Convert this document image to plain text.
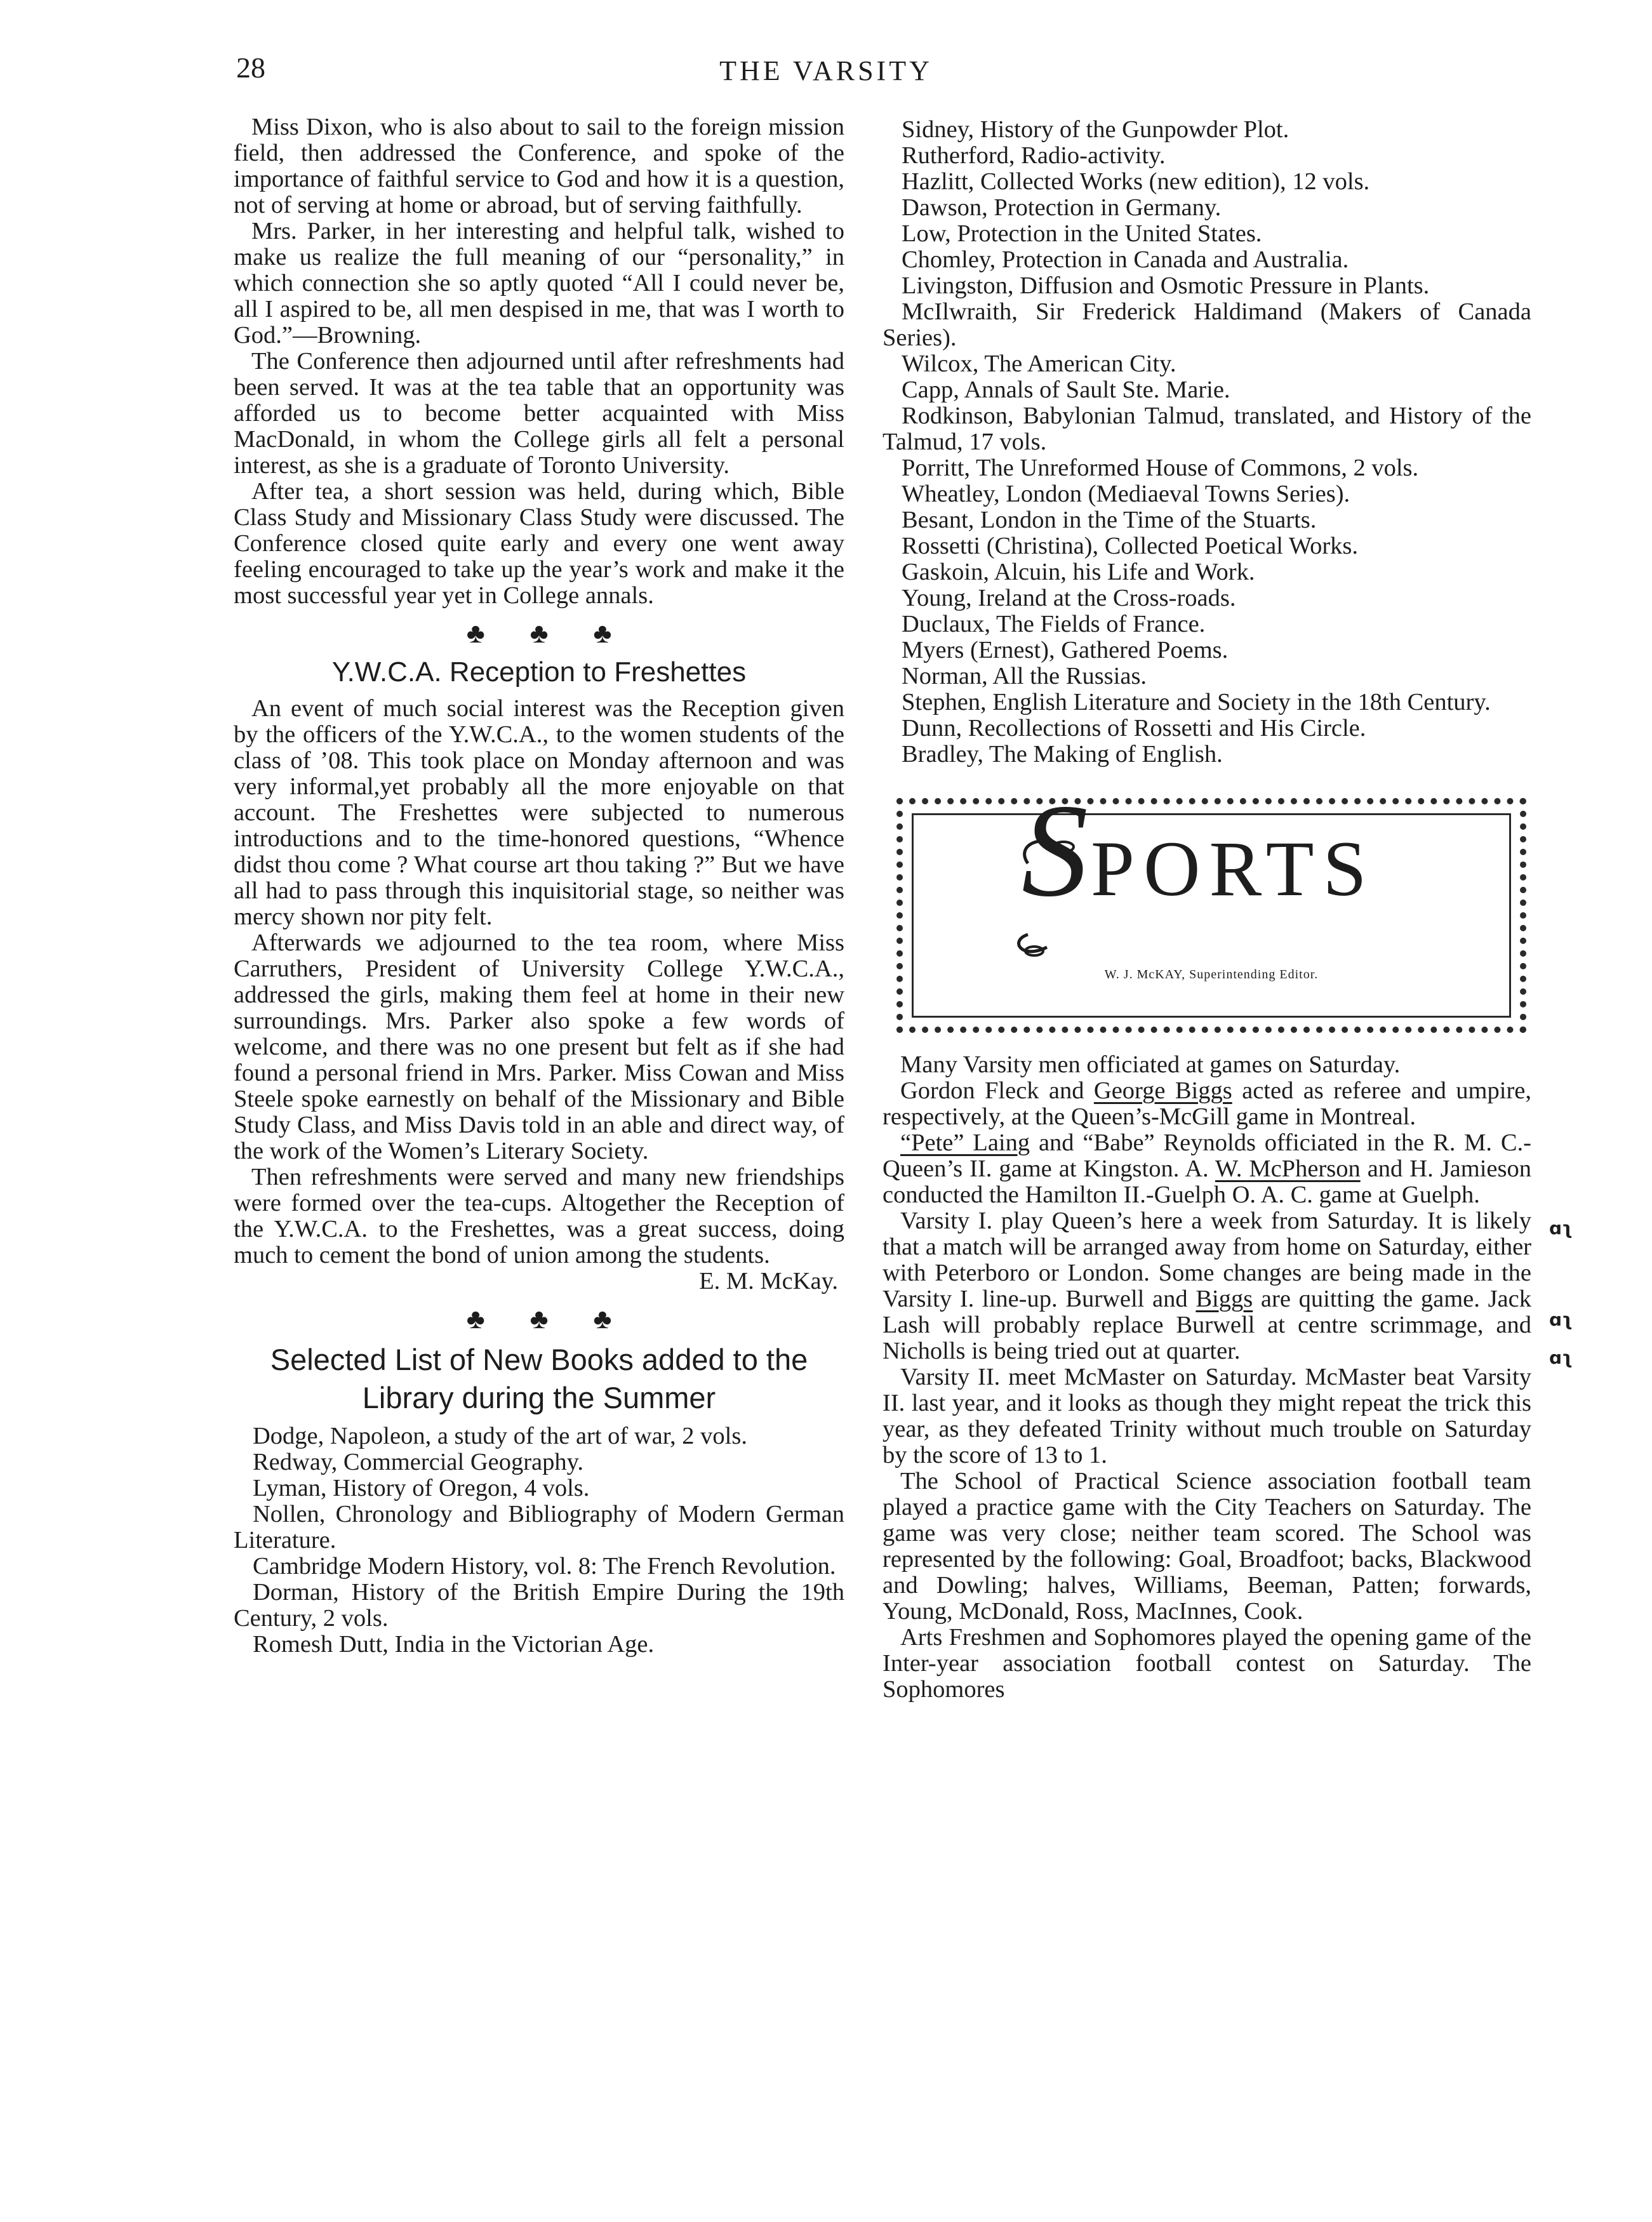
28	THE VARSITY

Miss Dixon, who is also about to sail to the foreign mission field, then addressed the Conference, and spoke of the importance of faithful service to God and how it is a question, not of serving at home or abroad, but of serving faithfully.

Mrs. Parker, in her interesting and helpful talk, wished to make us realize the full meaning of our “personality,” in which connection she so aptly quoted “All I could never be, all I aspired to be, all men despised in me, that was I worth to God.”—Browning.

The Conference then adjourned until after refreshments had been served. It was at the tea table that an opportunity was afforded us to become better acquainted with Miss MacDonald, in whom the College girls all felt a personal interest, as she is a graduate of Toronto University.

After tea, a short session was held, during which, Bible Class Study and Missionary Class Study were discussed. The Conference closed quite early and every one went away feeling encouraged to take up the year’s work and make it the most successful year yet in College annals.

♣ ♣ ♣
Y.W.C.A. Reception to Freshettes

An event of much social interest was the Reception given by the officers of the Y.W.C.A., to the women students of the class of ’08. This took place on Monday afternoon and was very informal,yet probably all the more enjoyable on that account. The Freshettes were subjected to numerous introductions and to the time-honored questions, “Whence didst thou come ? What course art thou taking ?” But we have all had to pass through this inquisitorial stage, so neither was mercy shown nor pity felt.

Afterwards we adjourned to the tea room, where Miss Carruthers, President of University College Y.W.C.A., addressed the girls, making them feel at home in their new surroundings. Mrs. Parker also spoke a few words of welcome, and there was no one present but felt as if she had found a personal friend in Mrs. Parker. Miss Cowan and Miss Steele spoke earnestly on behalf of the Missionary and Bible Study Class, and Miss Davis told in an able and direct way, of the work of the Women’s Literary Society.

Then refreshments were served and many new friendships were formed over the tea-cups. Altogether the Reception of the Y.W.C.A. to the Freshettes, was a great success, doing much to cement the bond of union among the students.

E. M. McKay.
♣ ♣ ♣
Selected List of New Books added to the
Library during the Summer

Dodge, Napoleon, a study of the art of war, 2 vols.

Redway, Commercial Geography.

Lyman, History of Oregon, 4 vols.

Nollen, Chronology and Bibliography of Modern German Literature.

Cambridge Modern History, vol. 8: The French Revolution.

Dorman, History of the British Empire During the 19th Century, 2 vols.

Romesh Dutt, India in the Victorian Age.

Sidney, History of the Gunpowder Plot.

Rutherford, Radio-activity.

Hazlitt, Collected Works (new edition), 12 vols.

Dawson, Protection in Germany.

Low, Protection in the United States.

Chomley, Protection in Canada and Australia.

Livingston, Diffusion and Osmotic Pressure in Plants.

McIlwraith, Sir Frederick Haldimand (Makers of Canada Series).

Wilcox, The American City.

Capp, Annals of Sault Ste. Marie.

Rodkinson, Babylonian Talmud, translated, and History of the Talmud, 17 vols.

Porritt, The Unreformed House of Commons, 2 vols.

Wheatley, London (Mediaeval Towns Series).

Besant, London in the Time of the Stuarts.

Rossetti (Christina), Collected Poetical Works.

Gaskoin, Alcuin, his Life and Work.

Young, Ireland at the Cross-roads.

Duclaux, The Fields of France.

Myers (Ernest), Gathered Poems.

Norman, All the Russias.

Stephen, English Literature and Society in the 18th Century.

Dunn, Recollections of Rossetti and His Circle.

Bradley, The Making of English.

SPORTS
W. J. McKAY, Superintending Editor.

Many Varsity men officiated at games on Saturday.

Gordon Fleck and George Biggs acted as referee and umpire, respectively, at the Queen’s-McGill game in Montreal.

“Pete” Laing and “Babe” Reynolds officiated in the R. M. C.-Queen’s II. game at Kingston. A. W. McPherson and H. Jamieson conducted the Hamilton II.-Guelph O. A. C. game at Guelph.

Varsity I. play Queen’s here a week from Saturday. It is likely that a match will be arranged away from home on Saturday, either with Peterboro or London. Some changes are being made in the Varsity I. line-up. Burwell and Biggs are quitting the game. Jack Lash will probably replace Burwell at centre scrimmage, and Nicholls is being tried out at quarter.

Varsity II. meet McMaster on Saturday. McMaster beat Varsity II. last year, and it looks as though they might repeat the trick this year, as they defeated Trinity without much trouble on Saturday by the score of 13 to 1.

The School of Practical Science association football team played a practice game with the City Teachers on Saturday. The game was very close; neither team scored. The School was represented by the following: Goal, Broadfoot; backs, Blackwood and Dowling; halves, Williams, Beeman, Patten; forwards, Young, McDonald, Ross, MacInnes, Cook.

Arts Freshmen and Sophomores played the opening game of the Inter-year association football contest on Saturday. The Sophomores

ɑʅ
ɑʅ
ɑʅ
